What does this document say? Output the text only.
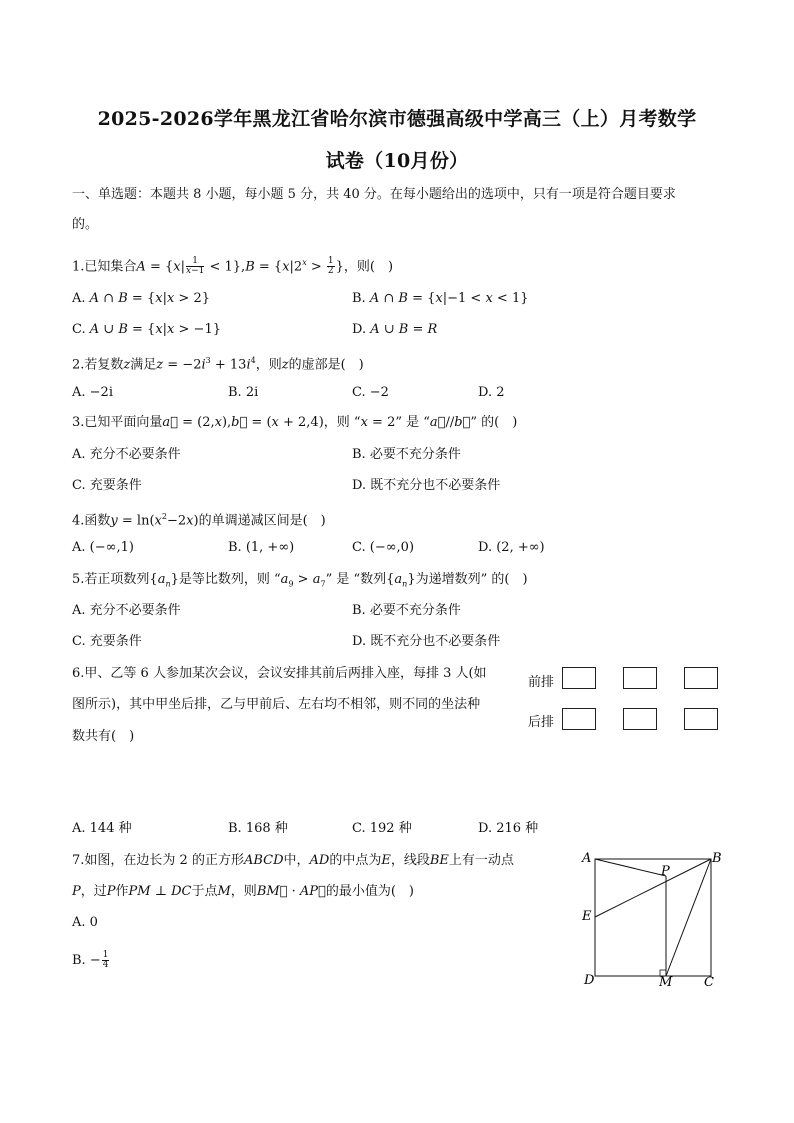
2025-2026学年黑龙江省哈尔滨市德强高级中学高三（上）月考数学
试卷（10月份）
一、单选题：本题共 8 小题，每小题 5 分，共 40 分。在每小题给出的选项中，只有一项是符合题目要求
的。
1.已知集合$A = \{x| \frac{1}{x-1} < 1\},B = \{x|2^x > \frac{1}{2}$ }，则(　)
A. A ∩ B = {x|x > 2}	B. A ∩ B = {x|−1 < x < 1}
C. A ∪ B = {x|x > −1}	D. A ∪ B = R
2.若复数z满足$z = -2i^3 + 13i^4$，则z的虚部是(　)
A. −2i	B. 2i	C. −2	D. 2
3.已知平面向量a⃗ = (2,x),b⃗ = (x + 2,4)，则 “x = 2” 是 “a⃗//b⃗” 的(　)
A. 充分不必要条件	B. 必要不充分条件
C. 充要条件	D. 既不充分也不必要条件
4.函数$y = \ln(x^2-2x)$的单调递减区间是(　)
A. (−∞,1)	B. (1, +∞)	C. (−∞,0)	D. (2, +∞)
5.若正项数列$\{a_n\}$是等比数列，则 “$a_9 > a_7$” 是 “数列$\{a_n\}$为递增数列” 的(　)
A. 充分不必要条件	B. 必要不充分条件
C. 充要条件	D. 既不充分也不必要条件
6.甲、乙等 6 人参加某次会议，会议安排其前后两排入座，每排 3 人(如
图所示)，其中甲坐后排，乙与甲前后、左右均不相邻，则不同的坐法种
数共有(　)
前排
后排
A. 144 种	B. 168 种	C. 192 种	D. 216 种
7.如图，在边长为 2 的正方形ABCD中，AD的中点为E，线段BE上有一动点
P，过P作PM ⊥ DC于点M，则BM⃗ · AP⃗的最小值为(　)
A. 0
B. − $\frac{1}{4}$
A	B
C
D
E
P
M
